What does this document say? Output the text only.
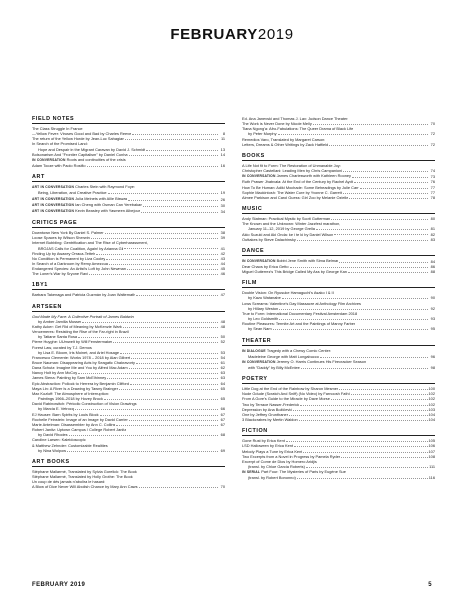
FEBRUARY2019
FIELD NOTES
The Class Struggle In France
—Yellow Fever: Viruses Good and Bad by Charles Reeve	8
The return of the Yellow Horde by Jean-Luc Sahagian	11
In Search of the Promised Land:
Hope and Despair in the Migrant Caravan by David J. Schmidt	13
Bolsonarism And "Frontier Capitalism" by Daniel Cunha	14
IN CONVERSATION Roots and continuities of the crisis
Adam Tooze with Paolo Rosifio	16
ART
ART IN CONVERSATION Charles Stein with Raymond Foye:
Being, Liberation, and Creative Practice	19
ART IN CONVERSATION Julia Melnets with Allie Biswas	26
ART IN CONVERSATION Ian Cheng with Osman Can Yerebakan	30
ART IN CONVERSATION Kevin Beasley with Yasmeen Albejour	34
CRITICS PAGE
Downtown New York By Daniel S. Palmer	38
Loose Spaces by Wilson Sherwin	39
Internet Bubbling: Gentrification and The Rise of Cyberharassment,
BROJAS Calls for Coalition, Again! by Arianna Gil	41
Finding Up by Awaxey Orraca-Tetteh	42
No Condition Is Permanent by Liza Cooley	43
In Search of a Darkroom by Remy Amezcua	44
Endangered Species: An Artist's Loft by John Newman	45
The Loner's War by Sryone Ravi	46
1BY1
Barbara Takenaga and Patricia Guzmán by Joan Waltemath	47
ARTSEEN
God Made My Face: A Collective Portrait of James Baldwin
by Amber Jamilla Musser	48
Kathy Acker: Get Rid of Meaning by McKenzie Wark	48
Vencemeres: Resisting the Rise of the Far-right in Brazil
by Tatiane Santa Rosa	50
Pierre Huyghe: UUmwelt by Will Fenstermaker	52
Forest Law, curated by T.J. Demos
by Lisa E. Bloom, Iris Moinet, and Ariel Hosage	53
Francesco Clemente: Works 1978 – 2018 by Alan Gilbert	54
Bruce Nauman: Disappearing Acts by Seagatic Chakravorty	61
Dana Schutz: Imagine Me and You by Alfred Mac Adam	62
Nancy Holt by Ann McCoy	63
James Siena: Painting by Sam McElhinney	63
Epic Abstraction: Pollock to Herrera by Benjamin Clifford	64
Maya Lin: A River Is a Drawing by Tawny Brainger	65
Max Kozloff: The Atmosphere of Interruption:
Paintings 1966–2018 by Hovey Brock	65
David Rabinowitch: Périodic Construction of Vision Drawings
by Marcia E. Vetrocq	66
EJ Hauser: Barn Spirits by Louis Block	67
Rochelle Feinstein: Image of an Image by David Carrier	67
Marie Antelman: Disassembler by Ann C. Collins	67
Robert Janitz: Uptown Campus / College Robert Janitz
by David Rhodes	68
Caroline Larsen: Kaleidoscopic
& Matthew Zehnder: Customizable Realities
by Nina Wolpow	69
ART BOOKS
Stéphane Mallarmé, Translated by Sylvia Gorelick: The Book
Stéphane Mallarmé, Translated by Holly Grothe: The Book
Un coup de dés jamais n'abolira le hasard:
A Blow of Dice Never Will Abolish Chance by Mary Ann Caws	70
Ed. Ana Janevski and Thomas J. Lax: Judson Dance Theater:
The Work is Never Done by Nicole Melly	70
Tiana Ngong'a: Afro-Fabulations: The Queer Drama of Black Life
by Peter Murphy	72
Remedios Varo, Translated by Margaret Carson:
Letters, Dreams & Other Writings by Zack Hatfield	72
BOOKS
A Life Not fit to Form: The Restoration of Unmanable Joy:
Christopher Castellani: Leading Men by Chris Campanioni	74
IN CONVERSATION James Charlesworth with Kathleen Rooney	73
Ruth Prawer Jhabvala: At the End of the Century by Rachel Aydt	76
How To Be Human: Adiki Mochade: Some Beheadings by Julie Carr	77
Sophie Mackintosh: The Water Cure by Yvonne C. Garrett	77
Aimee Parkison and Carol Guess: Girl Zoo by Melanie Ozlelle	78
MUSIC
Andy Statman: Practical Mystic by Scott Gutterman	80
The Known and the Unknown: Winter Jazzfest marathon,
January 11–12, 2019 by George Grella	81
Akio Suzuki and Aki Onda: ke i te ki by Daniel Wilson	82
Outtakes by Steve Dalachinsky	83
DANCE
IN CONVERSATION Bobbi Jene Smith with Sima Belmar	84
Dear Chaos by Erica Getto	86
Miguel Gutierrez's This Bridge Called My Ass by George Kan	88
FILM
Double Vision: On Ryusuke Hamaguchi's Asako I & II
by Kazu Watanabe	90
Lows Screams: Valentine's Day Massacre at Anthology Film Archives
by Hillary Weston	92
True to Form: International Documentary Festival Amsterdam 2018
by Leo Goldsmith	93
Routine Pleasures: Termite Art and the Paintings of Manny Farber
by Sean Nam	95
THEATER
IN DIALOGUE Tragedy with a Chewy Comic Center:
Madeleine George with Matt Longabucco	96
IN CONVERSATION Jeremy O. Harris Continues His Firecracker Season
with "Daddy" by Billy McEntee	98
POETRY
Little Dog at the End of the Rainbow by Sharon Mesmer	100
Nude Gdude (Scratch And Sniff) (No Video) by Farnoosh Fathi	102
From A Gore's Guide to the Miracle by Dave Morse	102
Two by Terrace Nasser-Frederick	102
Depression by Ana Božičević	103
One by Jeffrey Grunthaner	104
3 Blackcrabes by Mertin Waldon	104
FICTION
Gone Rust by Erica Kent	105
LSD Halloween by Erica Kent	106
Melody Plays a Tune by Erica Kent	107
Two Excerpts from a Novel in Progress by Pamela Ryder	108
Excerpt of Come de Dios by Homero Aridjis
(transl. by Chloe Garcia Roberts)	111
IN SERIAL Part Four: The Mysteries of Paris by Eugène Sue
(transl. by Robert Bononno)	116
FEBRUARY 2019	5
